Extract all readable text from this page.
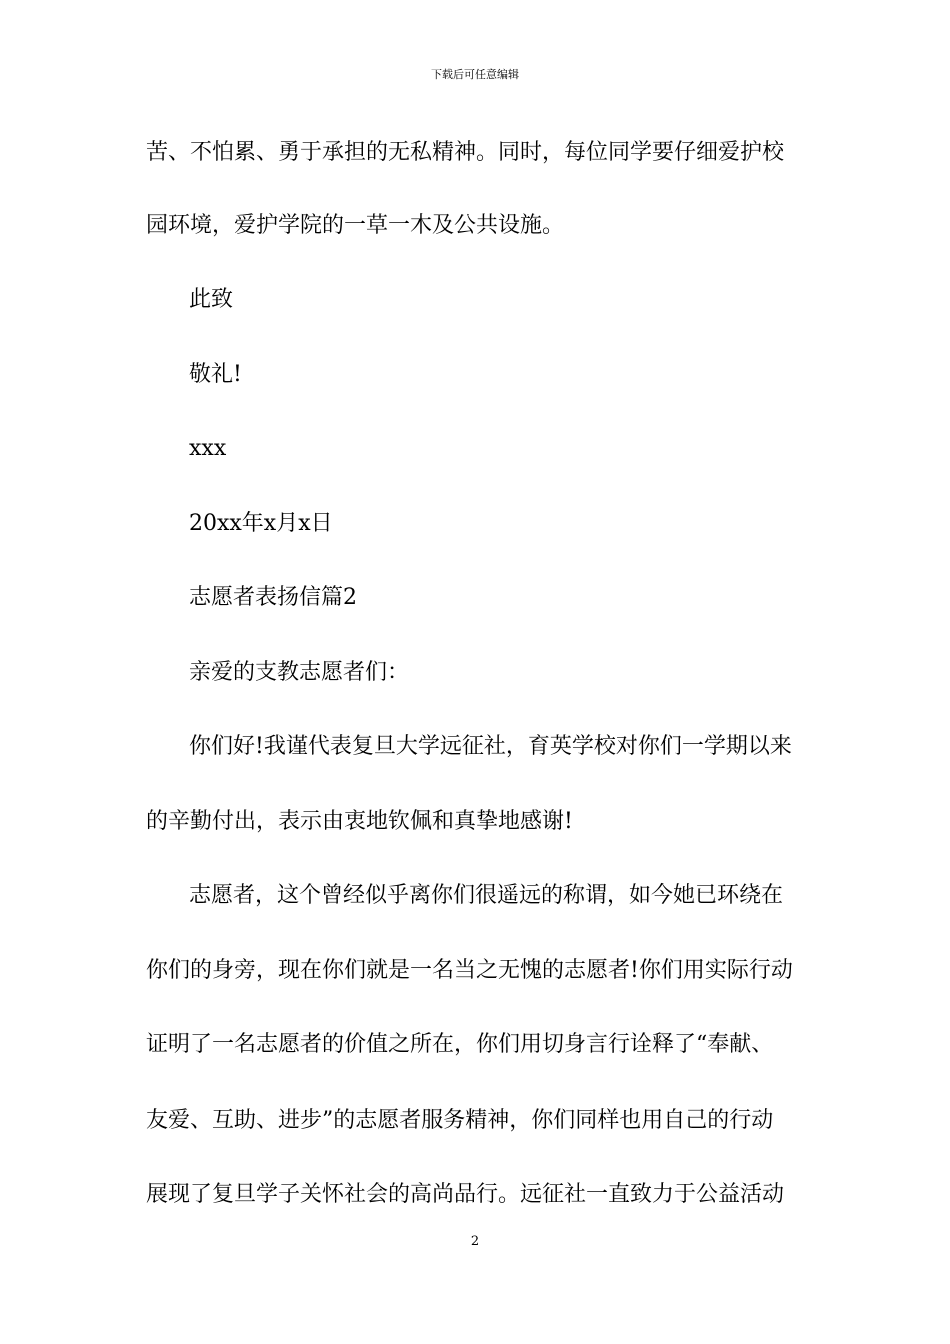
下载后可任意编辑
苦、不怕累、勇于承担的无私精神。同时，每位同学要仔细爱护校
园环境，爱护学院的一草一木及公共设施。
此致
敬礼!
xxx
20xx年x月x日
志愿者表扬信篇2
亲爱的支教志愿者们：
你们好!我谨代表复旦大学远征社，育英学校对你们一学期以来
的辛勤付出，表示由衷地钦佩和真挚地感谢!
志愿者，这个曾经似乎离你们很遥远的称谓，如今她已环绕在
你们的身旁，现在你们就是一名当之无愧的志愿者!你们用实际行动
证明了一名志愿者的价值之所在，你们用切身言行诠释了“奉献、
友爱、互助、进步”的志愿者服务精神，你们同样也用自己的行动
展现了复旦学子关怀社会的高尚品行。远征社一直致力于公益活动
2
